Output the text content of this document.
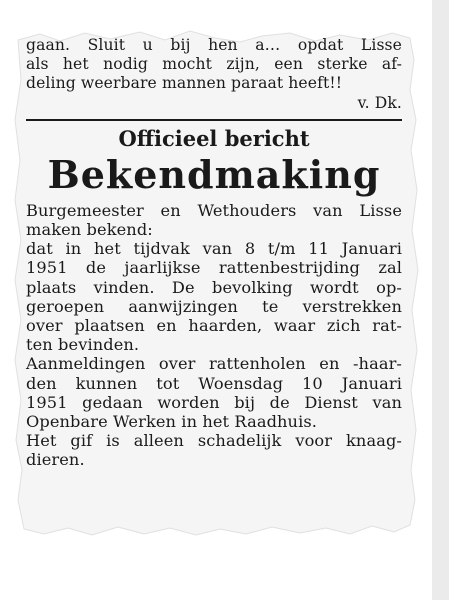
gaan. Sluit u bij hen a… opdat Lisse
als het nodig mocht zijn, een sterke af-
deling weerbare mannen paraat heeft!!
v. Dk.
Officieel bericht
Bekendmaking
Burgemeester en Wethouders van Lisse
maken bekend:
dat in het tijdvak van 8 t/m 11 Januari
1951 de jaarlijkse rattenbestrijding zal
plaats vinden. De bevolking wordt op-
geroepen aanwijzingen te verstrekken
over plaatsen en haarden, waar zich rat-
ten bevinden.
Aanmeldingen over rattenholen en -haar-
den kunnen tot Woensdag 10 Januari
1951 gedaan worden bij de Dienst van
Openbare Werken in het Raadhuis.
Het gif is alleen schadelijk voor knaag-
dieren.
